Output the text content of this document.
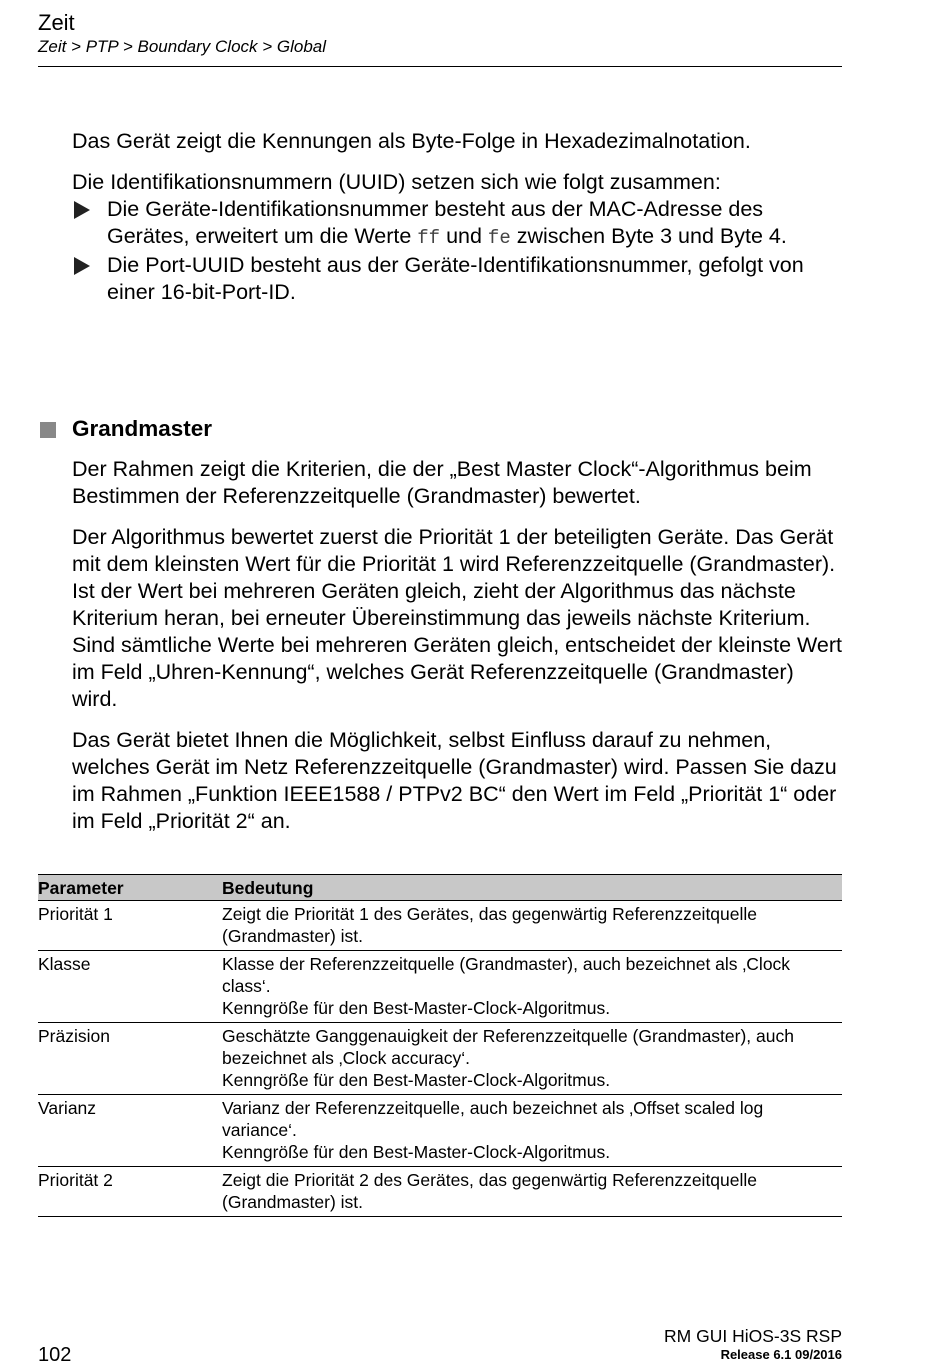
Zeit
Zeit > PTP > Boundary Clock > Global

Das Gerät zeigt die Kennungen als Byte-Folge in Hexadezimalnotation.

Die Identifikationsnummern (UUID) setzen sich wie folgt zusammen:

Die Geräte-Identifikationsnummer besteht aus der MAC-Adresse des Gerätes, erweitert um die Werte ff und fe zwischen Byte 3 und Byte 4.
Die Port-UUID besteht aus der Geräte-Identifikationsnummer, gefolgt von einer 16-bit-Port-ID.
Grandmaster

Der Rahmen zeigt die Kriterien, die der „Best Master Clock“-Algorithmus beim Bestimmen der Referenzzeitquelle (Grandmaster) bewertet.

Der Algorithmus bewertet zuerst die Priorität 1 der beteiligten Geräte. Das Gerät mit dem kleinsten Wert für die Priorität 1 wird Referenzzeitquelle (Grandmaster). Ist der Wert bei mehreren Geräten gleich, zieht der Algorithmus das nächste Kriterium heran, bei erneuter Übereinstimmung das jeweils nächste Kriterium. Sind sämtliche Werte bei mehreren Geräten gleich, entscheidet der kleinste Wert im Feld „Uhren-Kennung“, welches Gerät Referenzzeitquelle (Grandmaster) wird.

Das Gerät bietet Ihnen die Möglichkeit, selbst Einfluss darauf zu nehmen, welches Gerät im Netz Referenzzeitquelle (Grandmaster) wird. Passen Sie dazu im Rahmen „Funktion IEEE1588 / PTPv2 BC“ den Wert im Feld „Priorität 1“ oder im Feld „Priorität 2“ an.

Parameter	Bedeutung
Priorität 1	Zeigt die Priorität 1 des Gerätes, das gegenwärtig Referenzzeitquelle (Grandmaster) ist.

Klasse	Klasse der Referenzzeitquelle (Grandmaster), auch bezeichnet als ‚Clock class‘.
Kenngröße für den Best-Master-Clock-Algoritmus.

Präzision	Geschätzte Ganggenauigkeit der Referenzzeitquelle (Grandmaster), auch bezeichnet als ‚Clock accuracy‘.
Kenngröße für den Best-Master-Clock-Algoritmus.

Varianz	Varianz der Referenzzeitquelle, auch bezeichnet als ‚Offset scaled log variance‘.
Kenngröße für den Best-Master-Clock-Algoritmus.

Priorität 2	Zeigt die Priorität 2 des Gerätes, das gegenwärtig Referenzzeitquelle (Grandmaster) ist.
102
RM GUI HiOS-3S RSP
Release 6.1 09/2016
